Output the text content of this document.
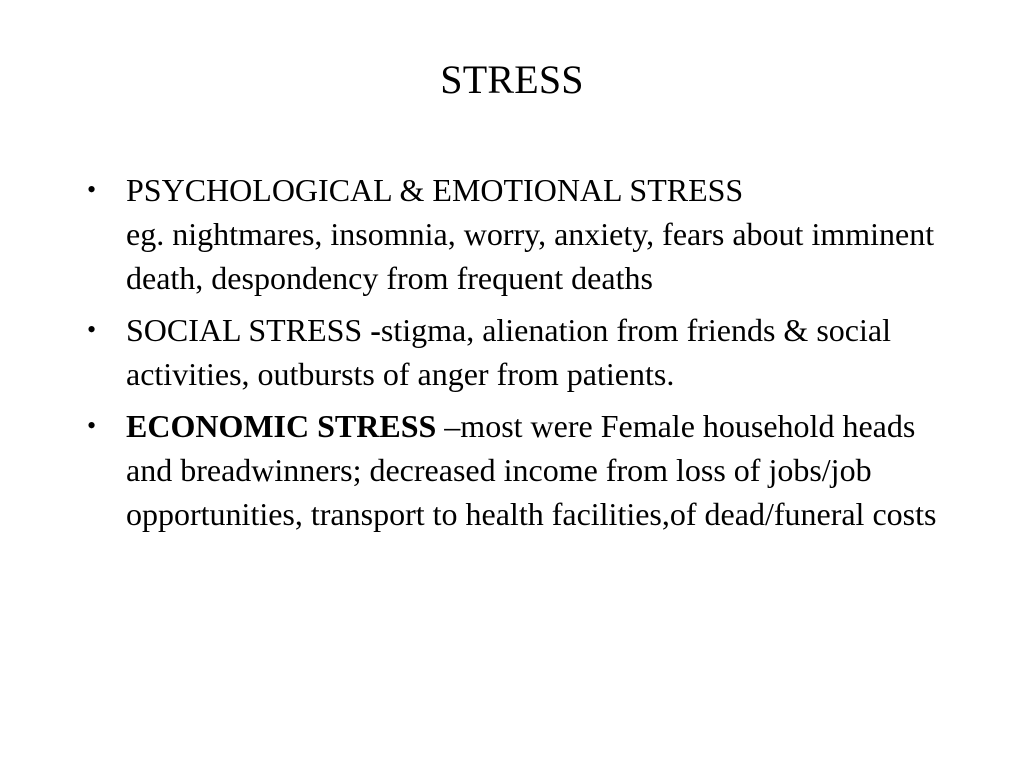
STRESS
• PSYCHOLOGICAL & EMOTIONAL STRESS
eg. nightmares, insomnia, worry, anxiety, fears about imminent death, despondency from frequent deaths
• SOCIAL STRESS -stigma, alienation from friends & social activities, outbursts of anger from patients.
• ECONOMIC STRESS –most were Female household heads and breadwinners; decreased income from loss of jobs/job opportunities, transport to health facilities,of dead/funeral costs
